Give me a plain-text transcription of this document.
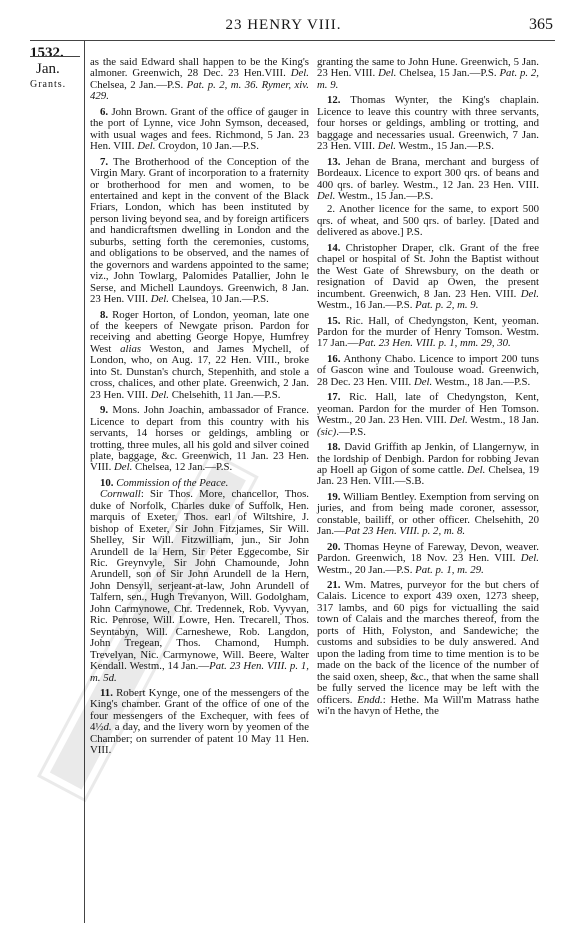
23 HENRY VIII.	365
1532.
Jan.
Grants.

as the said Edward shall happen to be the King's almoner. Greenwich, 28 Dec. 23 Hen.VIII. Del. Chelsea, 2 Jan.—P.S. Pat. p. 2, m. 36. Rymer, xiv. 429.

6. John Brown. Grant of the office of gauger in the port of Lynne, vice John Symson, deceased, with usual wages and fees. Richmond, 5 Jan. 23 Hen. VIII. Del. Croydon, 10 Jan.—P.S.

7. The Brotherhood of the Conception of the Virgin Mary. Grant of incorporation to a fraternity or brotherhood for men and women, to be entertained and kept in the convent of the Black Friars, London, which has been instituted by person living beyond sea, and by foreign artificers and handicraftsmen dwelling in London and the suburbs, setting forth the ceremonies, customs, and obligations to be observed, and the names of the governors and wardens appointed to the same; viz., John Towlarg, Palomides Patallier, John le Serse, and Michell Laundoys. Greenwich, 8 Jan. 23 Hen. VIII. Del. Chelsea, 10 Jan.—P.S.

8. Roger Horton, of London, yeoman, late one of the keepers of Newgate prison. Pardon for receiving and abetting George Hopye, Humfrey West alias Weston, and James Mychell, of London, who, on Aug. 17, 22 Hen. VIII., broke into St. Dunstan's church, Stepenhith, and stole a cross, chalices, and other plate. Greenwich, 2 Jan. 23 Hen. VIII. Del. Chelsehith, 11 Jan.—P.S.

9. Mons. John Joachin, ambassador of France. Licence to depart from this country with his servants, 14 horses or geldings, ambling or trotting, three mules, all his gold and silver coined plate, baggage, &c. Greenwich, 11 Jan. 23 Hen. VIII. Del. Chelsea, 12 Jan.—P.S.

10. Commission of the Peace.
Cornwall: Sir Thos. More, chancellor, Thos. duke of Norfolk, Charles duke of Suffolk, Hen. marquis of Exeter, Thos. earl of Wiltshire, J. bishop of Exeter, Sir John Fitzjames, Sir Will. Shelley, Sir Will. Fitzwilliam, jun., Sir John Arundell de la Hern, Sir Peter Eggecombe, Sir Ric. Greynvyle, Sir John Chamounde, John Arundell, son of Sir John Arundell de la Hern, John Densyll, serjeant-at-law, John Arundell of Talfern, sen., Hugh Trevanyon, Will. Godolgham, John Carmynowe, Chr. Tredennek, Rob. Vyvyan, Ric. Penrose, Will. Lowre, Hen. Trecarell, Thos. Seyntabyn, Will. Carneshewe, Rob. Langdon, John Tregean, Thos. Chamond, Humph. Trevelyan, Nic. Carmynowe, Will. Beere, Walter Kendall. Westm., 14 Jan.—Pat. 23 Hen. VIII. p. 1, m. 5d.

11. Robert Kynge, one of the messengers of the King's chamber. Grant of the office of one of the four messengers of the Exchequer, with fees of 4½d. a day, and the livery worn by yeomen of the Chamber; on surrender of patent 10 May 11 Hen. VIII.

granting the same to John Hune. Greenwich, 5 Jan. 23 Hen. VIII. Del. Chelsea, 15 Jan.—P.S. Pat. p. 2, m. 9.

12. Thomas Wynter, the King's chaplain. Licence to leave this country with three servants, four horses or geldings, ambling or trotting, and baggage and necessaries usual. Greenwich, 7 Jan. 23 Hen. VIII. Del. Westm., 15 Jan.—P.S.

13. Jehan de Brana, merchant and burgess of Bordeaux. Licence to export 300 qrs. of beans and 400 qrs. of barley. Westm., 12 Jan. 23 Hen. VIII. Del. Westm., 15 Jan.—P.S.

2. Another licence for the same, to export 500 qrs. of wheat, and 500 qrs. of barley. [Dated and delivered as above.] P.S.

14. Christopher Draper, clk. Grant of the free chapel or hospital of St. John the Baptist without the West Gate of Shrewsbury, on the death or resignation of David ap Owen, the present incumbent. Greenwich, 8 Jan. 23 Hen. VIII. Del. Westm., 16 Jan.—P.S. Pat. p. 2, m. 9.

15. Ric. Hall, of Chedyngston, Kent, yeoman. Pardon for the murder of Henry Tomson. Westm. 17 Jan.—Pat. 23 Hen. VIII. p. 1, mm. 29, 30.

16. Anthony Chabo. Licence to import 200 tuns of Gascon wine and Toulouse woad. Greenwich, 28 Dec. 23 Hen. VIII. Del. Westm., 18 Jan.—P.S.

17. Ric. Hall, late of Chedyngston, Kent, yeoman. Pardon for the murder of Hen Tomson. Westm., 20 Jan. 23 Hen. VIII. Del. Westm., 18 Jan. (sic).—P.S.

18. David Griffith ap Jenkin, of Llangernyw, in the lordship of Denbigh. Pardon for robbing Jevan ap Hoell ap Gigon of some cattle. Del. Chelsea, 19 Jan. 23 Hen. VIII.—S.B.

19. William Bentley. Exemption from serving on juries, and from being made coroner, assessor, constable, bailiff, or other officer. Chelsehith, 20 Jan.—Pat 23 Hen. VIII. p. 2, m. 8.

20. Thomas Heyne of Fareway, Devon, weaver. Pardon. Greenwich, 18 Nov. 23 Hen. VIII. Del. Westm., 20 Jan.—P.S. Pat. p. 1, m. 29.

21. Wm. Matres, purveyor for the but chers of Calais. Licence to export 439 oxen, 1273 sheep, 317 lambs, and 60 pigs for victualling the said town of Calais and the marches thereof, from the ports of Hith, Folyston, and Sandewiche; the customs and subsidies to be duly answered. And upon the lading from time to time mention is to be made on the back of the licence of the number of the said oxen, sheep, &c., that when the same shall be fully served the licence may be left with the officers. Endd.: Hethe. Ma Will'm Matrass hathe wi'n the havyn of Hethe, the
